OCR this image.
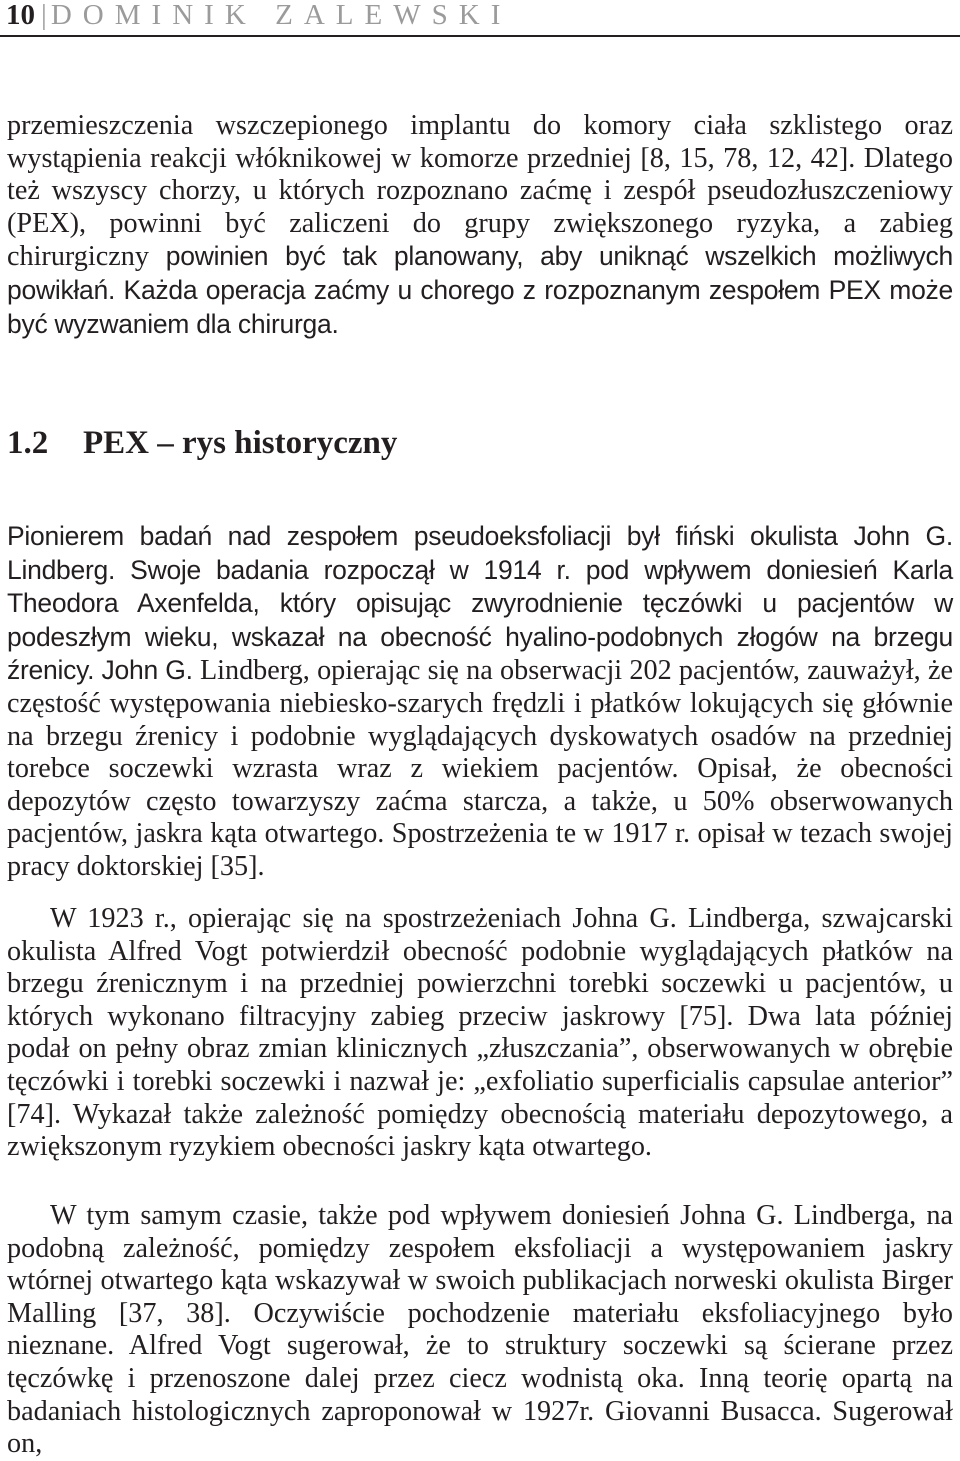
10 | DOMINIK ZALEWSKI

przemieszczenia wszczepionego implantu do komory ciała szklistego oraz wystąpienia reakcji włóknikowej w komorze przedniej [8, 15, 78, 12, 42]. Dlatego też wszyscy chorzy, u których rozpoznano zaćmę i zespół pseudozłuszczeniowy (PEX), powinni być zaliczeni do grupy zwiększonego ryzyka, a zabieg chirurgiczny powinien być tak planowany, aby uniknąć wszelkich możliwych powikłań. Każda operacja zaćmy u chorego z rozpoznanym zespołem PEX może być wyzwaniem dla chirurga.

1.2 PEX – rys historyczny

Pionierem badań nad zespołem pseudoeksfoliacji był fiński okulista John G. Lindberg. Swoje badania rozpoczął w 1914 r. pod wpływem doniesień Karla Theodora Axenfelda, który opisując zwyrodnienie tęczówki u pacjentów w podeszłym wieku, wskazał na obecność hyalino-podobnych złogów na brzegu źrenicy. John G. Lindberg, opierając się na obserwacji 202 pacjentów, zauważył, że częstość występowania niebiesko-szarych frędzli i płatków lokujących się głównie na brzegu źrenicy i podobnie wyglądających dyskowatych osadów na przedniej torebce soczewki wzrasta wraz z wiekiem pacjentów. Opisał, że obecności depozytów często towarzyszy zaćma starcza, a także, u 50% obserwowanych pacjentów, jaskra kąta otwartego. Spostrzeżenia te w 1917 r. opisał w tezach swojej pracy doktorskiej [35].

W 1923 r., opierając się na spostrzeżeniach Johna G. Lindberga, szwajcarski okulista Alfred Vogt potwierdził obecność podobnie wyglądających płatków na brzegu źrenicznym i na przedniej powierzchni torebki soczewki u pacjentów, u których wykonano filtracyjny zabieg przeciw jaskrowy [75]. Dwa lata później podał on pełny obraz zmian klinicznych „złuszczania”, obserwowanych w obrębie tęczówki i torebki soczewki i nazwał je: „exfoliatio superficialis capsulae anterior” [74]. Wykazał także zależność pomiędzy obecnością materiału depozytowego, a zwiększonym ryzykiem obecności jaskry kąta otwartego.

W tym samym czasie, także pod wpływem doniesień Johna G. Lindberga, na podobną zależność, pomiędzy zespołem eksfoliacji a występowaniem jaskry wtórnej otwartego kąta wskazywał w swoich publikacjach norweski okulista Birger Malling [37, 38]. Oczywiście pochodzenie materiału eksfoliacyjnego było nieznane. Alfred Vogt sugerował, że to struktury soczewki są ścierane przez tęczówkę i przenoszone dalej przez ciecz wodnistą oka. Inną teorię opartą na badaniach histologicznych zaproponował w 1927r. Giovanni Busacca. Sugerował on,
